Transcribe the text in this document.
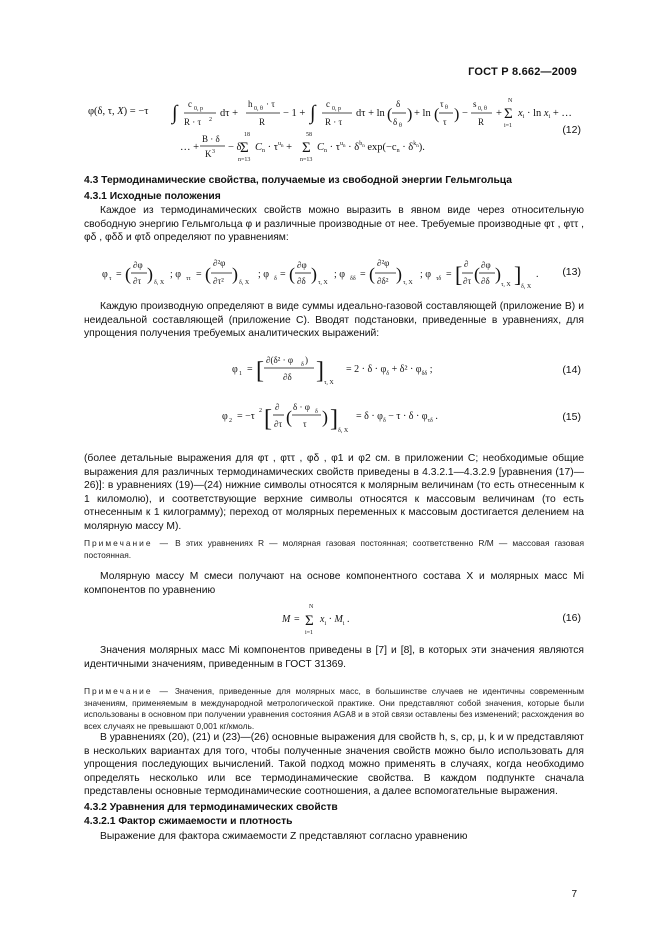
ГОСТ Р 8.662—2009
φ(δ, τ, X) = −τ ∫ c 0, p
R · τ 2
dτ +
h 0, θ · τ
R
− 1 + ∫ c 0, p
R · τ
dτ + ln (
δ
δ θ
) + ln (
τ θ
τ ) −
s 0, θ
R
+
N
Σ
i=1
xi · ln xi + …
… +
B · δ
K 3 − δ
18
Σ
n=13
$Cn \cdot \tau^un$ +
58
Σ
n=13
$Cn \cdot \tau^un \cdot \delta^bn$ $\exp(-cn \cdot \delta^kn)$.
(12)
4.3 Термодинамические свойства, получаемые из свободной энергии Гельмгольца
4.3.1 Исходные положения
Каждое из термодинамических свойств можно выразить в явном виде через относительную свободную энергию Гельмгольца φ и различные производные от нее. Требуемые производные φτ , φττ , φδ , φδδ и φτδ определяют по уравнениям:
φ τ = ( ∂φ
∂τ ) δ, X
; φ ττ = (
∂²φ
∂τ² ) δ, X
; φ δ = ( ∂φ
∂δ ) τ, X
; φ δδ = (
∂²φ
∂δ² ) τ, X
; φ τδ = [ ∂
∂τ ( ∂φ
∂δ )
τ, X ] δ, X
. (13)
Каждую производную определяют в виде суммы идеально-газовой составляющей (приложение В) и неидеальной составляющей (приложение С). Вводят подстановки, приведенные в уравнениях, для упрощения получения требуемых аналитических выражений:
φ 1 = [ ∂(δ² · φ δ )
∂δ ] τ, X
= $2 \cdot \delta \cdot \varphi_\delta + \delta^2 \cdot \varphi_{\delta\delta}$ ;	(14)
φ 2 = −τ 2 [ ∂
∂τ ( δ · φ δ
τ ) ] δ, X
= $\delta \cdot \varphi_\delta - \tau \cdot \delta \cdot \varphi_{\tau\delta}$ .	(15)
(более детальные выражения для φτ , φττ , φδ , φ1 и φ2 см. в приложении С; необходимые общие выражения для различных термодинамических свойств приведены в 4.3.2.1—4.3.2.9 [уравнения (17)— 26)]: в уравнениях (19)—(24) нижние символы относятся к молярным величинам (то есть отнесенным к 1 киломолю), и соответствующие верхние символы относятся к массовым величинам (то есть отнесенным к 1 килограмму); переход от молярных переменных к массовым достигается делением на молярную массу M).
Примечание — В этих уравнениях R — молярная газовая постоянная; соответственно R/M — массовая газовая постоянная.
Молярную массу M смеси получают на основе компонентного состава X и молярных масс Mi компонентов по уравнению
M =
N
Σ
i=1
$x_i \cdot M_i$ .	(16)
Значения молярных масс Mi компонентов приведены в [7] и [8], в которых эти значения являются идентичными значениям, приведенным в ГОСТ 31369.
Примечание — Значения, приведенные для молярных масс, в большинстве случаев не идентичны современным значениям, применяемым в международной метрологической практике. Они представляют собой значения, которые были использованы в основном при получении уравнения состояния AGA8 и в этой связи оставлены без изменений; расхождения во всех случаях не превышают 0,001 кг/кмоль.
В уравнениях (20), (21) и (23)—(26) основные выражения для свойств h, s, cp, μ, k и w представляют в нескольких вариантах для того, чтобы полученные значения свойств можно было использовать для упрощения последующих вычислений. Такой подход можно применять в случаях, когда необходимо определять несколько или все термодинамические свойства. В каждом подпункте сначала представлены основные термодинамические соотношения, а далее вспомогательные выражения.
4.3.2 Уравнения для термодинамических свойств
4.3.2.1 Фактор сжимаемости и плотность
Выражение для фактора сжимаемости Z представляют согласно уравнению
7
